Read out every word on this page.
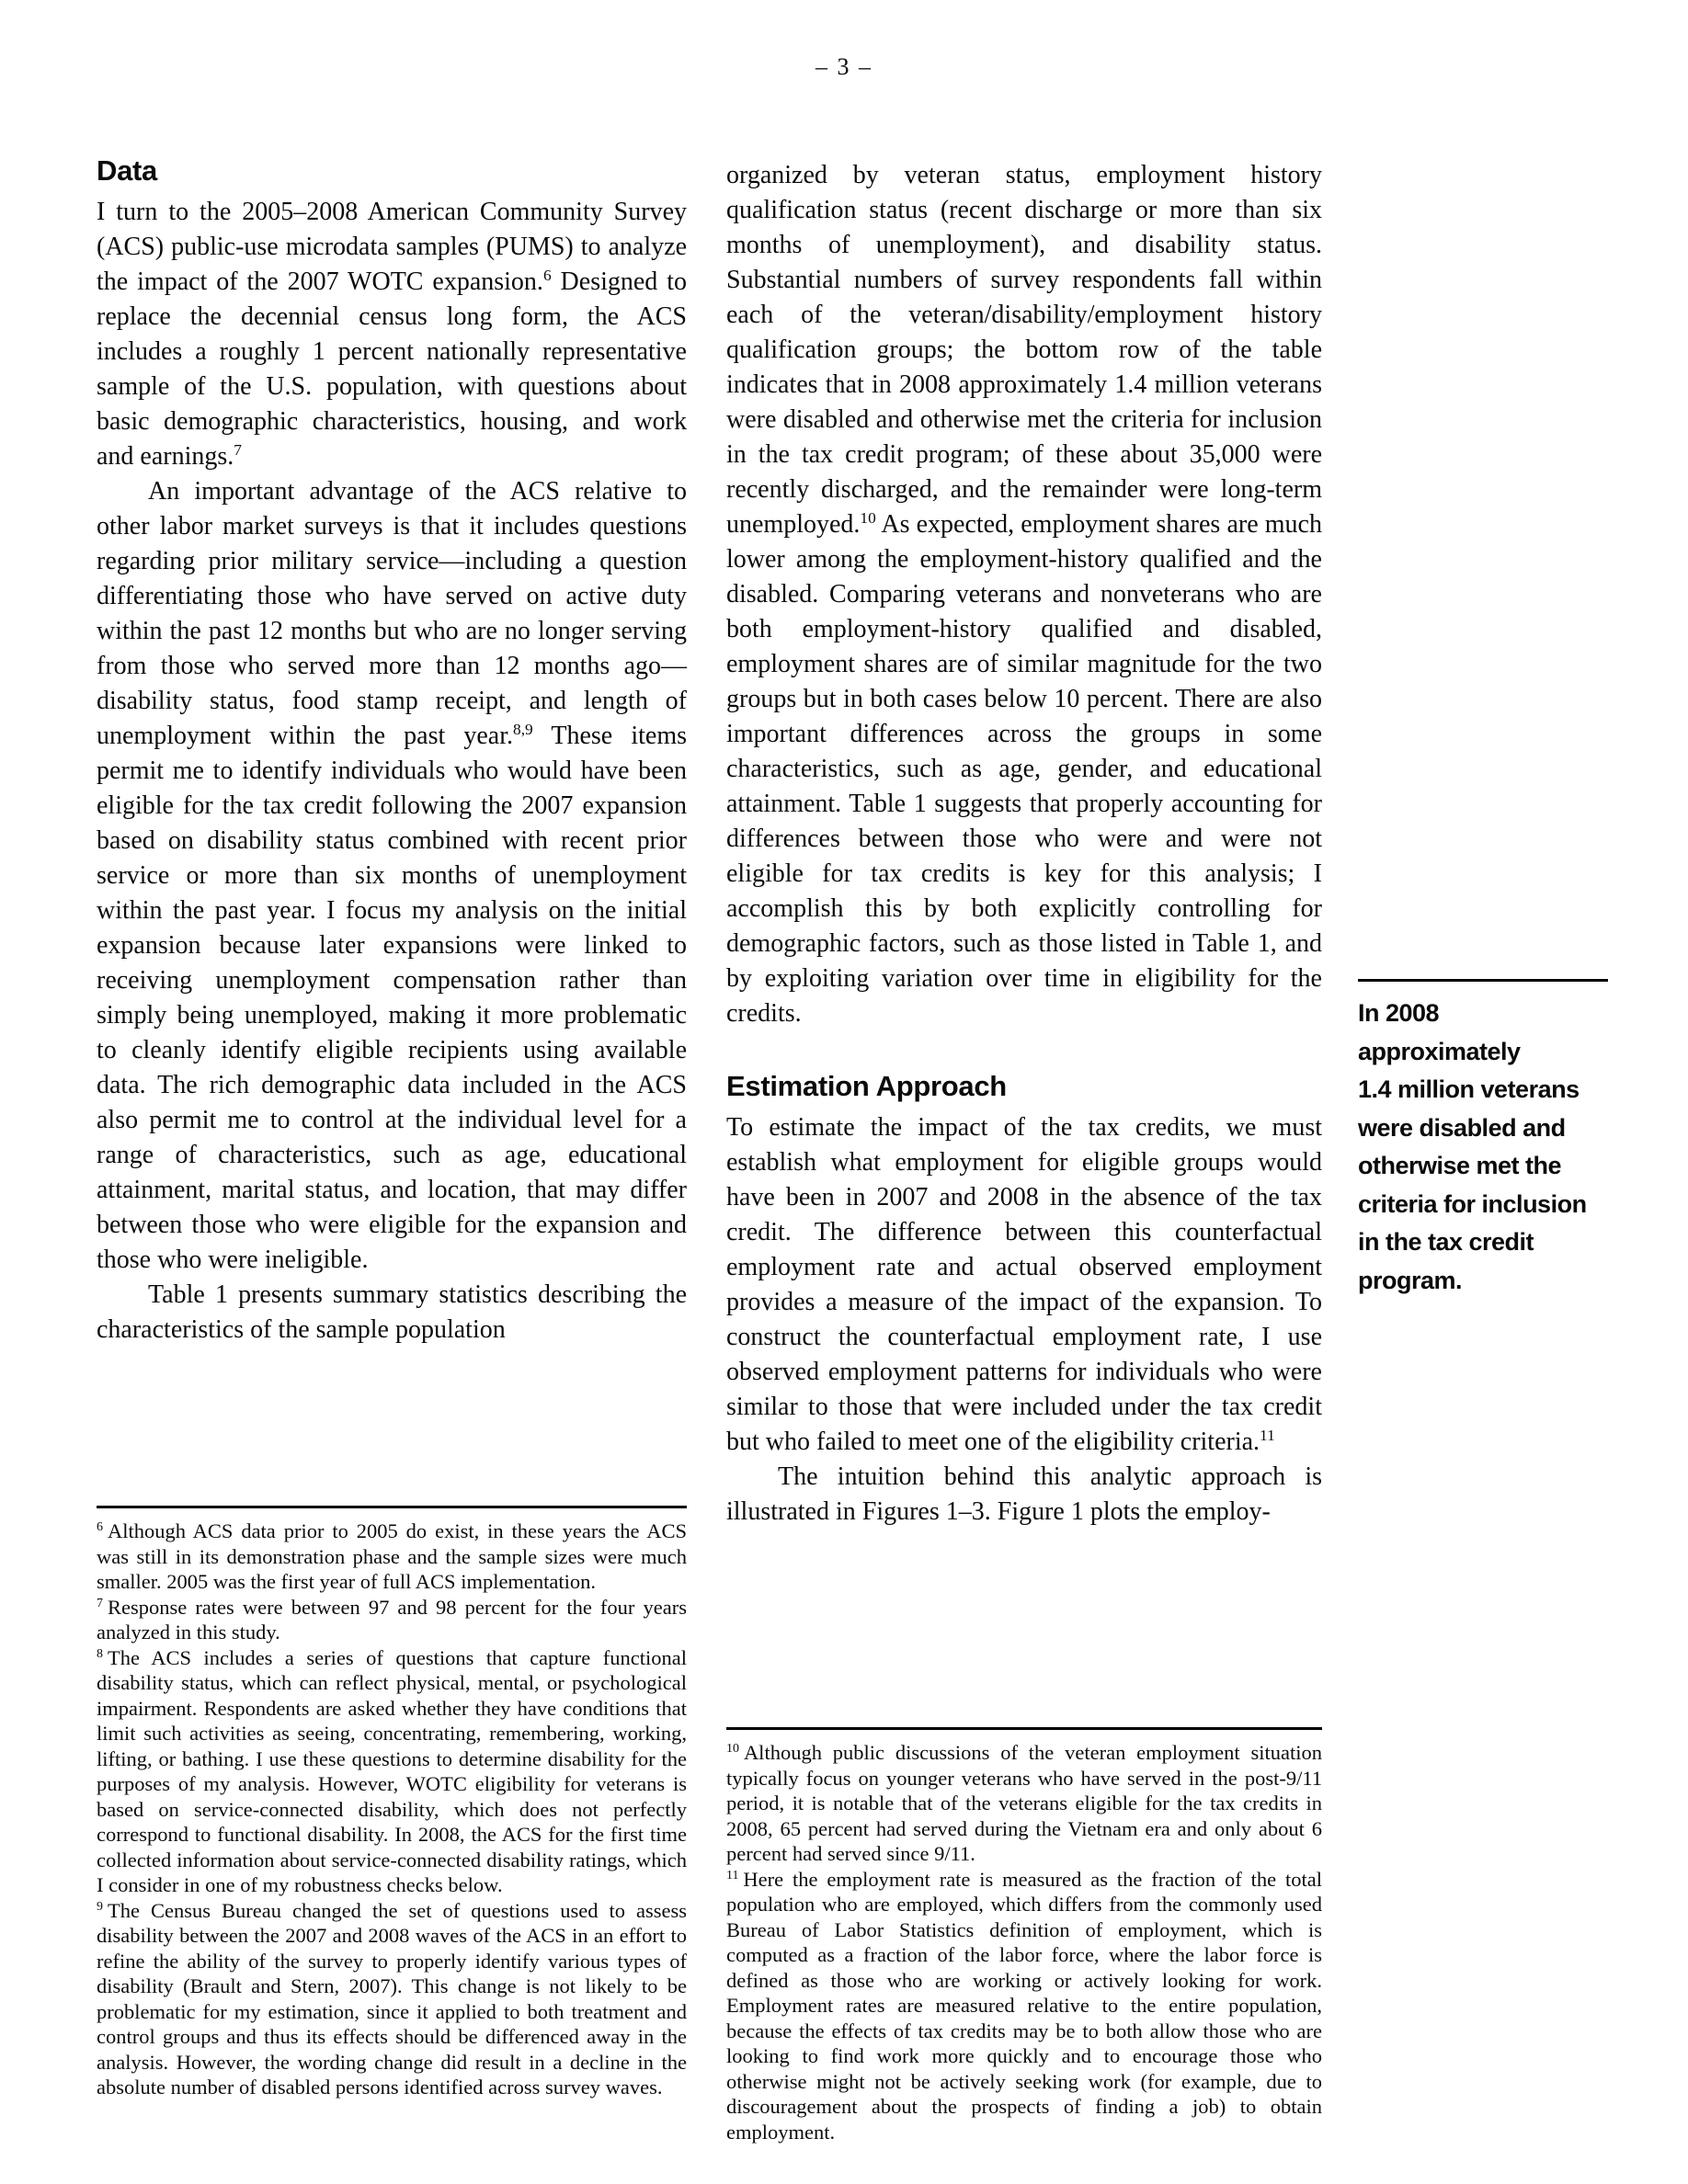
– 3 –
Data

I turn to the 2005–2008 American Community Survey (ACS) public-use microdata samples (PUMS) to analyze the impact of the 2007 WOTC expansion.$^6$ Designed to replace the decennial census long form, the ACS includes a roughly 1 percent nationally representative sample of the U.S. population, with questions about basic demographic characteristics, housing, and work and earnings.$^7$

An important advantage of the ACS relative to other labor market surveys is that it includes questions regarding prior military service—including a question differentiating those who have served on active duty within the past 12 months but who are no longer serving from those who served more than 12 months ago—disability status, food stamp receipt, and length of unemployment within the past year.$^{8,9}$ These items permit me to identify individuals who would have been eligible for the tax credit following the 2007 expansion based on disability status combined with recent prior service or more than six months of unemployment within the past year. I focus my analysis on the initial expansion because later expansions were linked to receiving unemployment compensation rather than simply being unemployed, making it more problematic to cleanly identify eligible recipients using available data. The rich demographic data included in the ACS also permit me to control at the individual level for a range of characteristics, such as age, educational attainment, marital status, and location, that may differ between those who were eligible for the expansion and those who were ineligible.

Table 1 presents summary statistics describing the characteristics of the sample population

organized by veteran status, employment history qualification status (recent discharge or more than six months of unemployment), and disability status. Substantial numbers of survey respondents fall within each of the veteran/disability/employment history qualification groups; the bottom row of the table indicates that in 2008 approximately 1.4 million veterans were disabled and otherwise met the criteria for inclusion in the tax credit program; of these about 35,000 were recently discharged, and the remainder were long-term unemployed.$^{10}$ As expected, employment shares are much lower among the employment-history qualified and the disabled. Comparing veterans and nonveterans who are both employment-history qualified and disabled, employment shares are of similar magnitude for the two groups but in both cases below 10 percent. There are also important differences across the groups in some characteristics, such as age, gender, and educational attainment. Table 1 suggests that properly accounting for differences between those who were and were not eligible for tax credits is key for this analysis; I accomplish this by both explicitly controlling for demographic factors, such as those listed in Table 1, and by exploiting variation over time in eligibility for the credits.

Estimation Approach

To estimate the impact of the tax credits, we must establish what employment for eligible groups would have been in 2007 and 2008 in the absence of the tax credit. The difference between this counterfactual employment rate and actual observed employment provides a measure of the impact of the expansion. To construct the counterfactual employment rate, I use observed employment patterns for individuals who were similar to those that were included under the tax credit but who failed to meet one of the eligibility criteria.$^{11}$

The intuition behind this analytic approach is illustrated in Figures 1–3. Figure 1 plots the employ-

$^6$ Although ACS data prior to 2005 do exist, in these years the ACS was still in its demonstration phase and the sample sizes were much smaller. 2005 was the first year of full ACS implementation.

$^7$ Response rates were between 97 and 98 percent for the four years analyzed in this study.

$^8$ The ACS includes a series of questions that capture functional disability status, which can reflect physical, mental, or psychological impairment. Respondents are asked whether they have conditions that limit such activities as seeing, concentrating, remembering, working, lifting, or bathing. I use these questions to determine disability for the purposes of my analysis. However, WOTC eligibility for veterans is based on service-connected disability, which does not perfectly correspond to functional disability. In 2008, the ACS for the first time collected information about service-connected disability ratings, which I consider in one of my robustness checks below.

$^9$ The Census Bureau changed the set of questions used to assess disability between the 2007 and 2008 waves of the ACS in an effort to refine the ability of the survey to properly identify various types of disability (Brault and Stern, 2007). This change is not likely to be problematic for my estimation, since it applied to both treatment and control groups and thus its effects should be differenced away in the analysis. However, the wording change did result in a decline in the absolute number of disabled persons identified across survey waves.

$^{10}$ Although public discussions of the veteran employment situation typically focus on younger veterans who have served in the post-9/11 period, it is notable that of the veterans eligible for the tax credits in 2008, 65 percent had served during the Vietnam era and only about 6 percent had served since 9/11.

$^{11}$ Here the employment rate is measured as the fraction of the total population who are employed, which differs from the commonly used Bureau of Labor Statistics definition of employment, which is computed as a fraction of the labor force, where the labor force is defined as those who are working or actively looking for work. Employment rates are measured relative to the entire population, because the effects of tax credits may be to both allow those who are looking to find work more quickly and to encourage those who otherwise might not be actively seeking work (for example, due to discouragement about the prospects of finding a job) to obtain employment.

In 2008
approximately
1.4 million veterans
were disabled and
otherwise met the
criteria for inclusion
in the tax credit
program.
